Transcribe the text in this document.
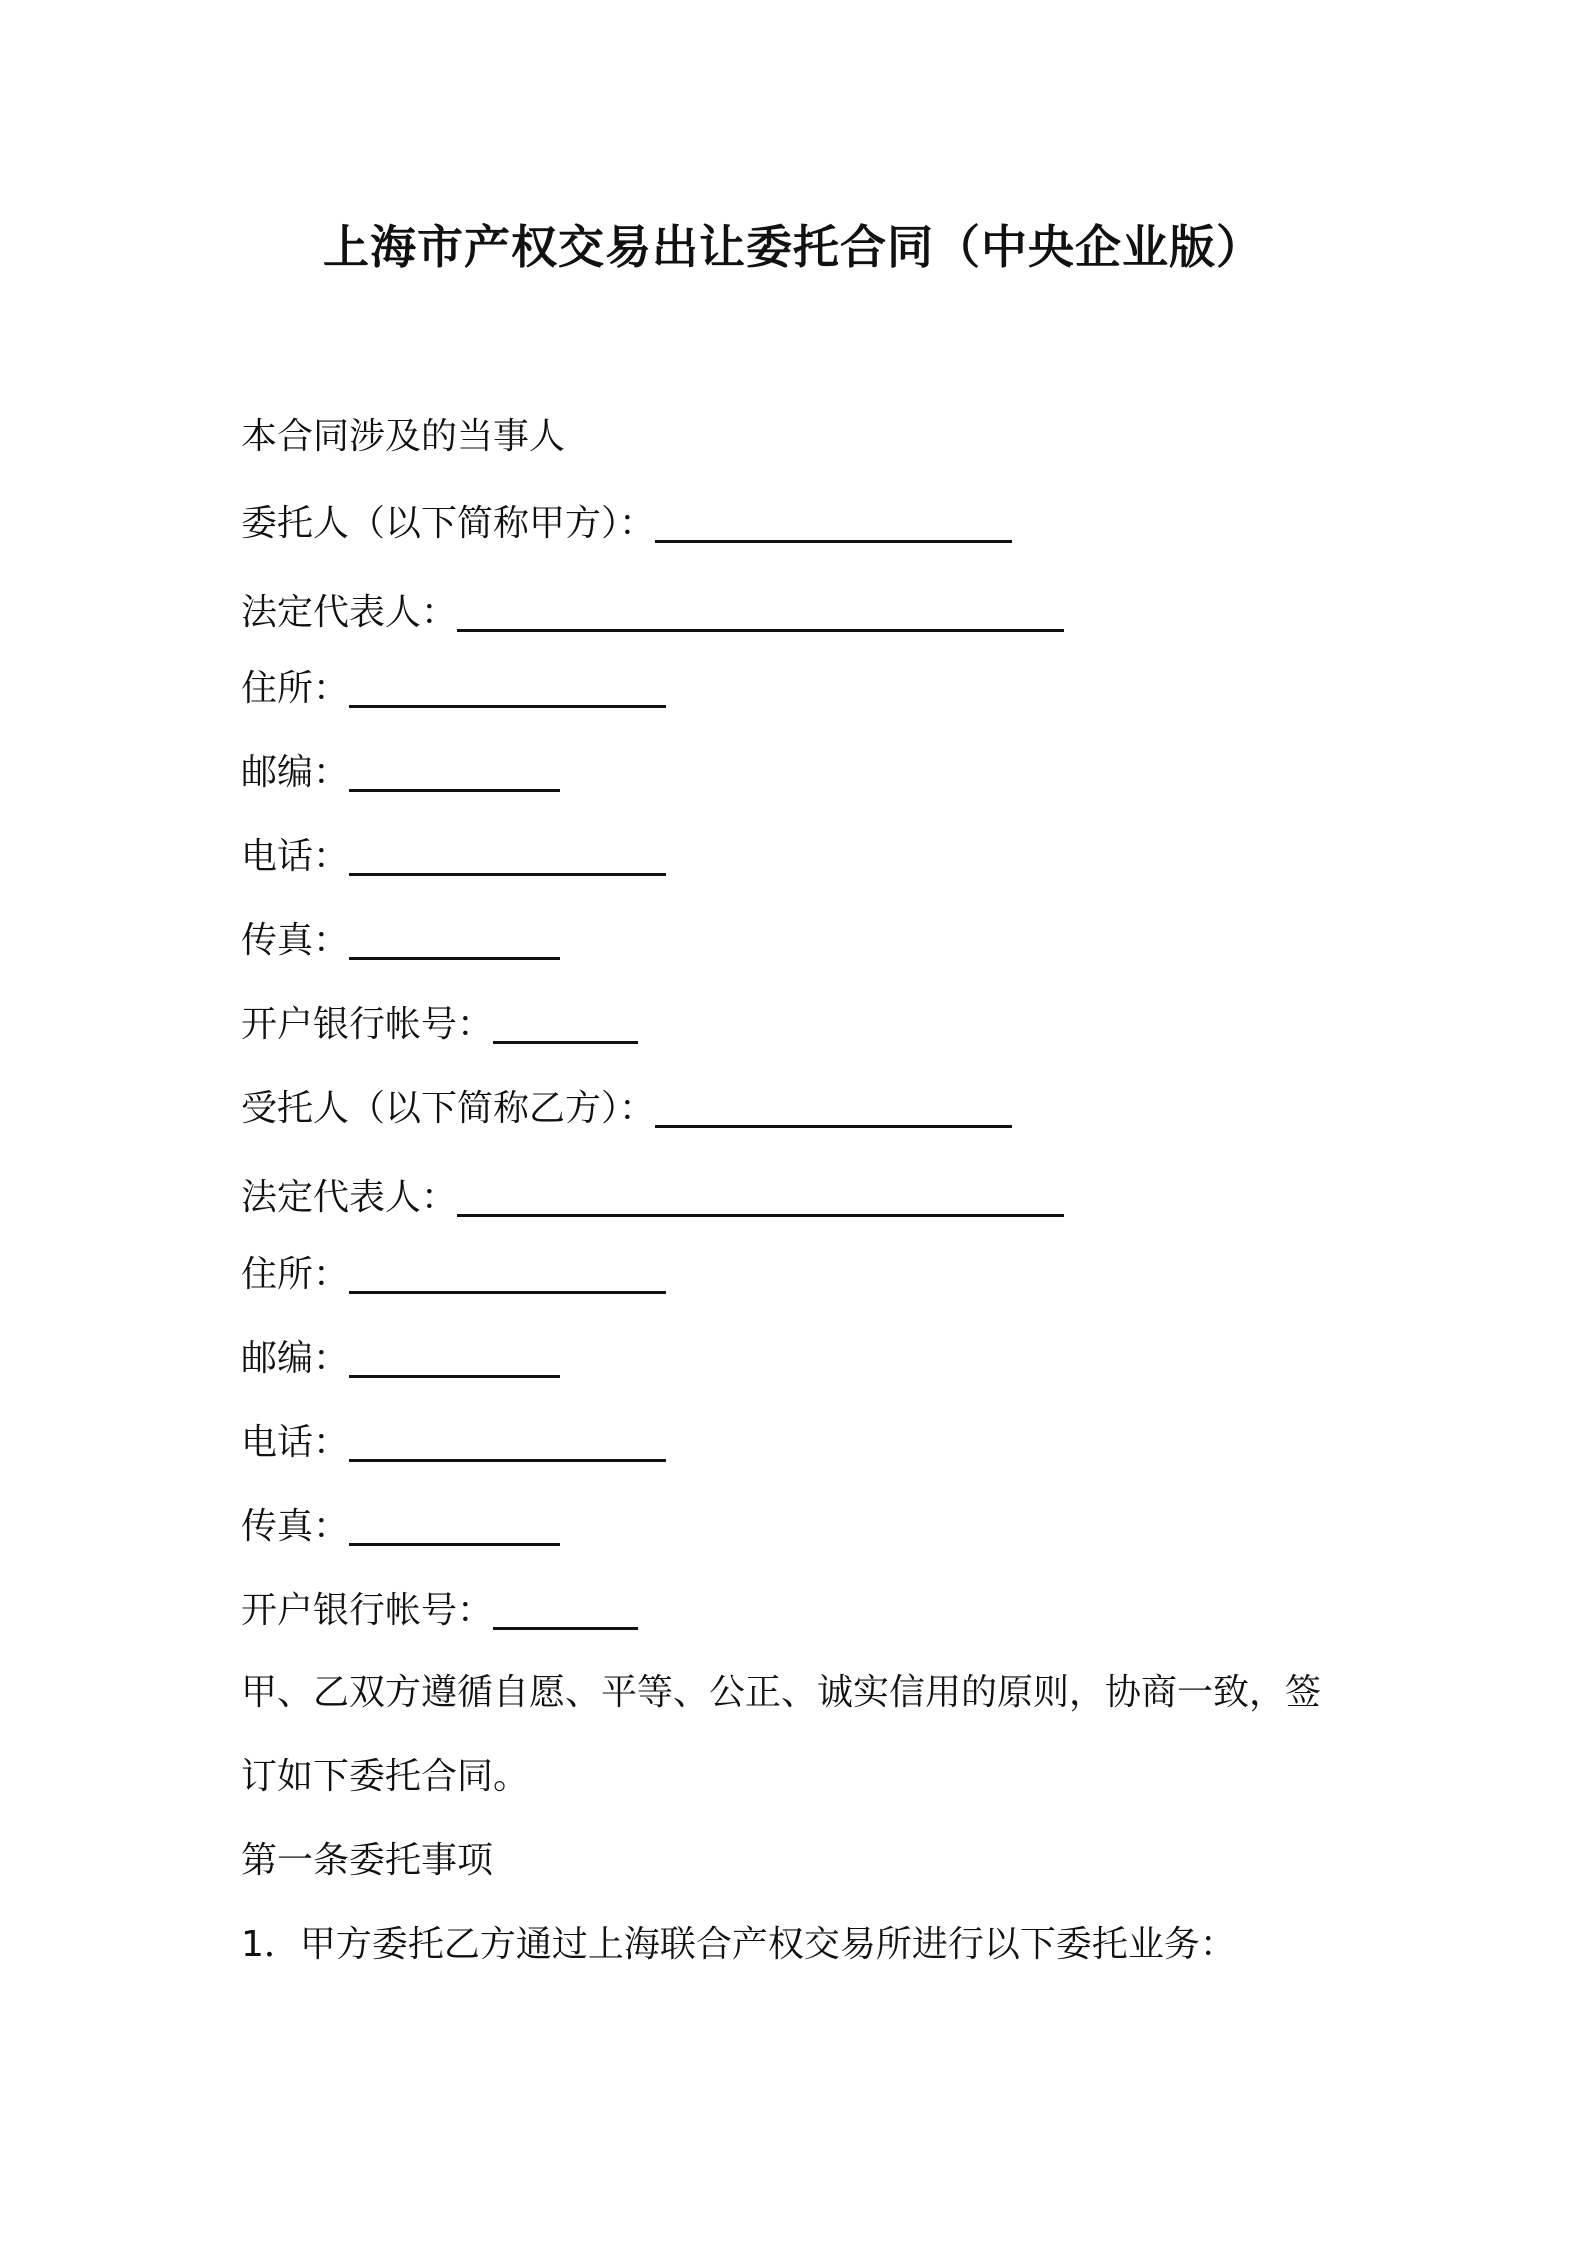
上海市产权交易出让委托合同（中央企业版）
本合同涉及的当事人
委托人（以下简称甲方）：
法定代表人：
住所：
邮编：
电话：
传真：
开户银行帐号：
受托人（以下简称乙方）：
法定代表人：
住所：
邮编：
电话：
传真：
开户银行帐号：
甲、乙双方遵循自愿、平等、公正、诚实信用的原则，协商一致，签
订如下委托合同。
第一条委托事项
1．甲方委托乙方通过上海联合产权交易所进行以下委托业务：
